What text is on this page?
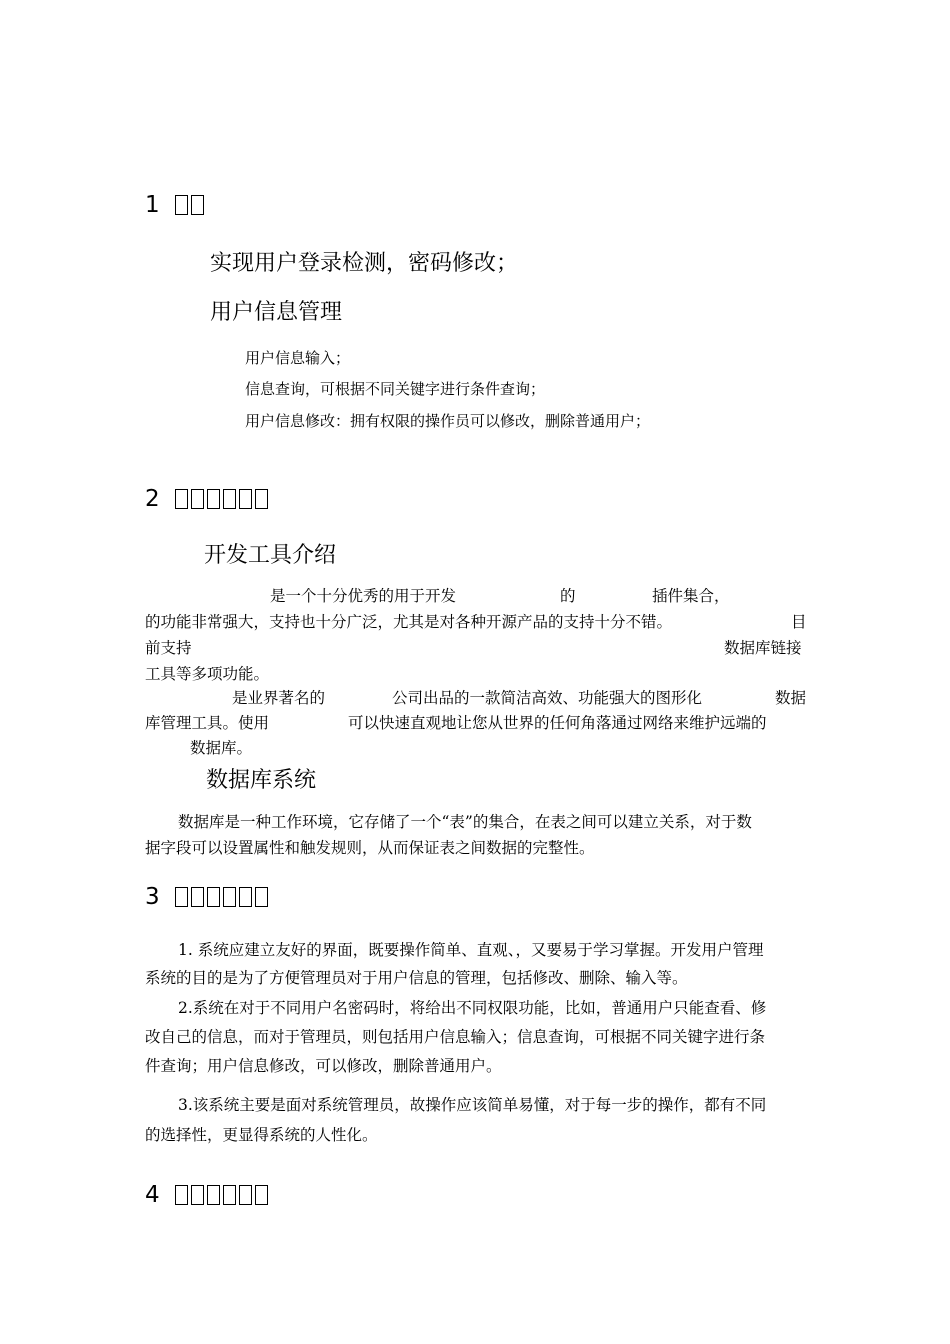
1
实现用户登录检测，密码修改；
用户信息管理
用户信息输入；
信息查询，可根据不同关键字进行条件查询；
用户信息修改：拥有权限的操作员可以修改，删除普通用户；
2
开发工具介绍
是一个十分优秀的用于开发	的	插件集合，
的功能非常强大，支持也十分广泛，尤其是对各种开源产品的支持十分不错。	目
前支持	数据库链接
工具等多项功能。
是业界著名的	公司出品的一款简洁高效、功能强大的图形化	数据
库管理工具。使用	可以快速直观地让您从世界的任何角落通过网络来维护远端的
数据库。
数据库系统
数据库是一种工作环境，它存储了一个“表”的集合，在表之间可以建立关系，对于数
据字段可以设置属性和触发规则，从而保证表之间数据的完整性。
3
1. 系统应建立友好的界面，既要操作简单、直观、，又要易于学习掌握。开发用户管理
系统的目的是为了方便管理员对于用户信息的管理，包括修改、删除、输入等。
2.系统在对于不同用户名密码时，将给出不同权限功能，比如，普通用户只能查看、修
改自己的信息，而对于管理员，则包括用户信息输入；信息查询，可根据不同关键字进行条
件查询；用户信息修改，可以修改，删除普通用户。
3.该系统主要是面对系统管理员，故操作应该简单易懂，对于每一步的操作，都有不同
的选择性，更显得系统的人性化。
4
